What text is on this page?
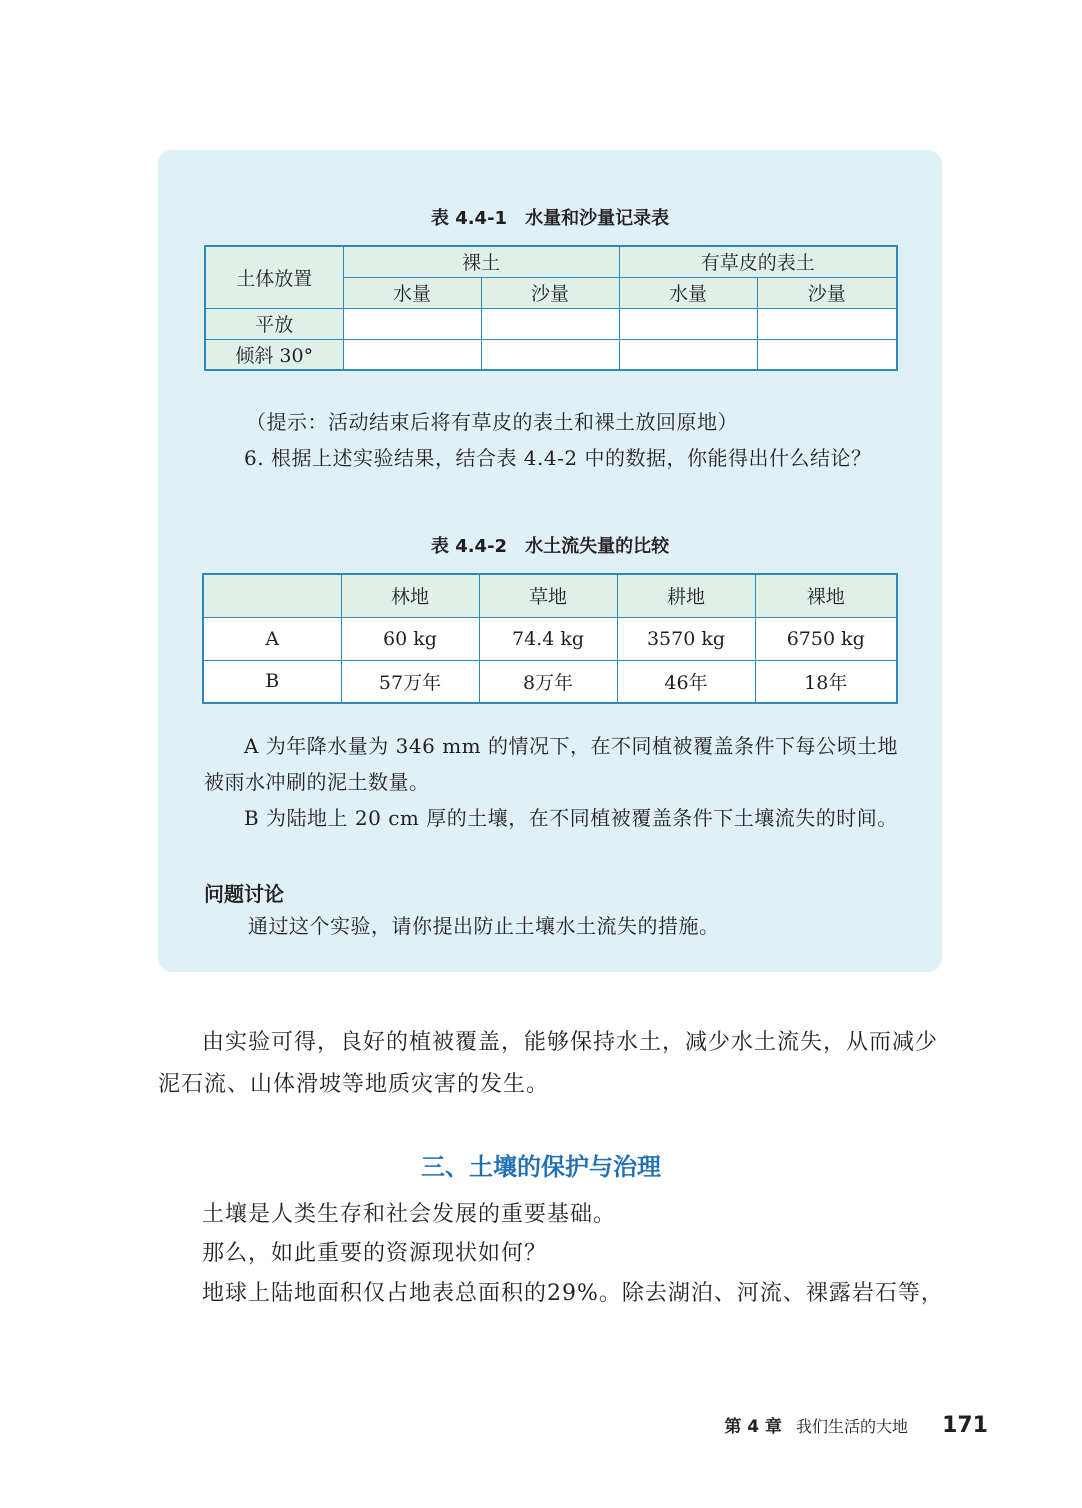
表 4.4-1 水量和沙量记录表
土体放置	裸土		有草皮的表土	
	水量	沙量	水量	沙量
平放				
倾斜 30°				
（提示：活动结束后将有草皮的表土和裸土放回原地）
6. 根据上述实验结果，结合表 4.4-2 中的数据，你能得出什么结论？
表 4.4-2 水土流失量的比较
	林地	草地	耕地	裸地
A	60 kg	74.4 kg	3570 kg	6750 kg
B	57万年	8万年	46年	18年
A 为年降水量为 346 mm 的情况下，在不同植被覆盖条件下每公顷土地被雨水冲刷的泥土数量。
B 为陆地上 20 cm 厚的土壤，在不同植被覆盖条件下土壤流失的时间。
问题讨论
通过这个实验，请你提出防止土壤水土流失的措施。
由实验可得，良好的植被覆盖，能够保持水土，减少水土流失，从而减少泥石流、山体滑坡等地质灾害的发生。
三、土壤的保护与治理
土壤是人类生存和社会发展的重要基础。
那么，如此重要的资源现状如何？
地球上陆地面积仅占地表总面积的29%。除去湖泊、河流、裸露岩石等，
第 4 章 我们生活的大地 171
